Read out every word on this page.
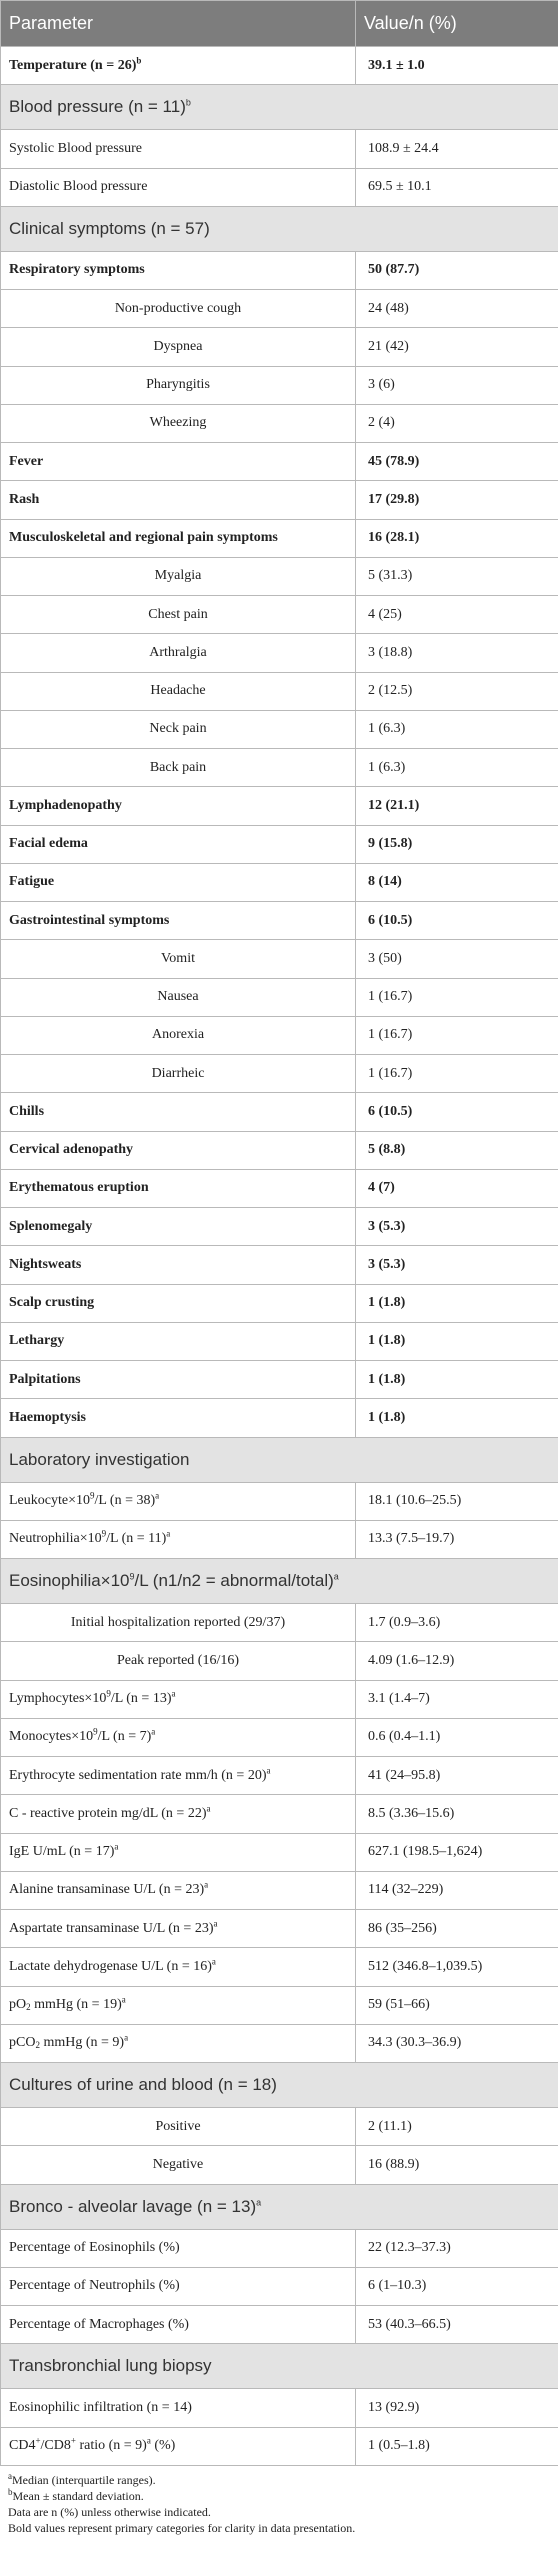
Parameter	Value/n (%)
Temperature (n = 26)$^b$	39.1 ± 1.0
Blood pressure (n = 11)$^b$
Systolic Blood pressure	108.9 ± 24.4
Diastolic Blood pressure	69.5 ± 10.1
Clinical symptoms (n = 57)	
Respiratory symptoms	50 (87.7)
Non-productive cough	24 (48)
Dyspnea	21 (42)
Pharyngitis	3 (6)
Wheezing	2 (4)
Fever	45 (78.9)
Rash	17 (29.8)
Musculoskeletal and regional pain symptoms	16 (28.1)
Myalgia	5 (31.3)
Chest pain	4 (25)
Arthralgia	3 (18.8)
Headache	2 (12.5)
Neck pain	1 (6.3)
Back pain	1 (6.3)
Lymphadenopathy	12 (21.1)
Facial edema	9 (15.8)
Fatigue	8 (14)
Gastrointestinal symptoms	6 (10.5)
Vomit	3 (50)
Nausea	1 (16.7)
Anorexia	1 (16.7)
Diarrheic	1 (16.7)
Chills	6 (10.5)
Cervical adenopathy	5 (8.8)
Erythematous eruption	4 (7)
Splenomegaly	3 (5.3)
Nightsweats	3 (5.3)
Scalp crusting	1 (1.8)
Lethargy	1 (1.8)
Palpitations	1 (1.8)
Haemoptysis	1 (1.8)
Laboratory investigation	
$Leukocyte\times 10^9/L$ (n = 38)$^a$	18.1 (10.6–25.5)
$Neutrophilia\times 10^9/L$ (n = 11)$^a$	13.3 (7.5–19.7)
$Eosinophilia\times 10^9/L$ (n1/n2 = abnormal/total)$^a$
Initial hospitalization reported (29/37)	1.7 (0.9–3.6)
Peak reported (16/16)	4.09 (1.6–12.9)
$Lymphocytes\times 10^9/L$ (n = 13)$^a$	3.1 (1.4–7)
$Monocytes\times 10^9/L$ (n = 7)$^a$	0.6 (0.4–1.1)
Erythrocyte sedimentation rate mm/h (n = 20)$^a$	41 (24–95.8)
C - reactive protein mg/dL (n = 22)$^a$	8.5 (3.36–15.6)
IgE U/mL (n = 17)$^a$	627.1 (198.5–1,624)
Alanine transaminase U/L (n = 23)$^a$	114 (32–229)
Aspartate transaminase U/L (n = 23)$^a$	86 (35–256)
Lactate dehydrogenase U/L (n = 16)$^a$	512 (346.8–1,039.5)
$pO_2$ mmHg (n = 19)$^a$	59 (51–66)
pCO$_2$ mmHg (n = 9)$^a$	34.3 (30.3–36.9)
Cultures of urine and blood (n = 18)	
Positive	2 (11.1)
Negative	16 (88.9)
Bronco - alveolar lavage (n = 13)$^a$
Percentage of Eosinophils (%)	22 (12.3–37.3)
Percentage of Neutrophils (%)	6 (1–10.3)
Percentage of Macrophages (%)	53 (40.3–66.5)
Transbronchial lung biopsy	
Eosinophilic infiltration (n = 14)	13 (92.9)
CD4+/CD8+ ratio (n = 9)$^a$ (%)	1 (0.5–1.8)
$^a$Median (interquartile ranges).
$^b$Mean ± standard deviation.
Data are n (%) unless otherwise indicated.
Bold values represent primary categories for clarity in data presentation.
